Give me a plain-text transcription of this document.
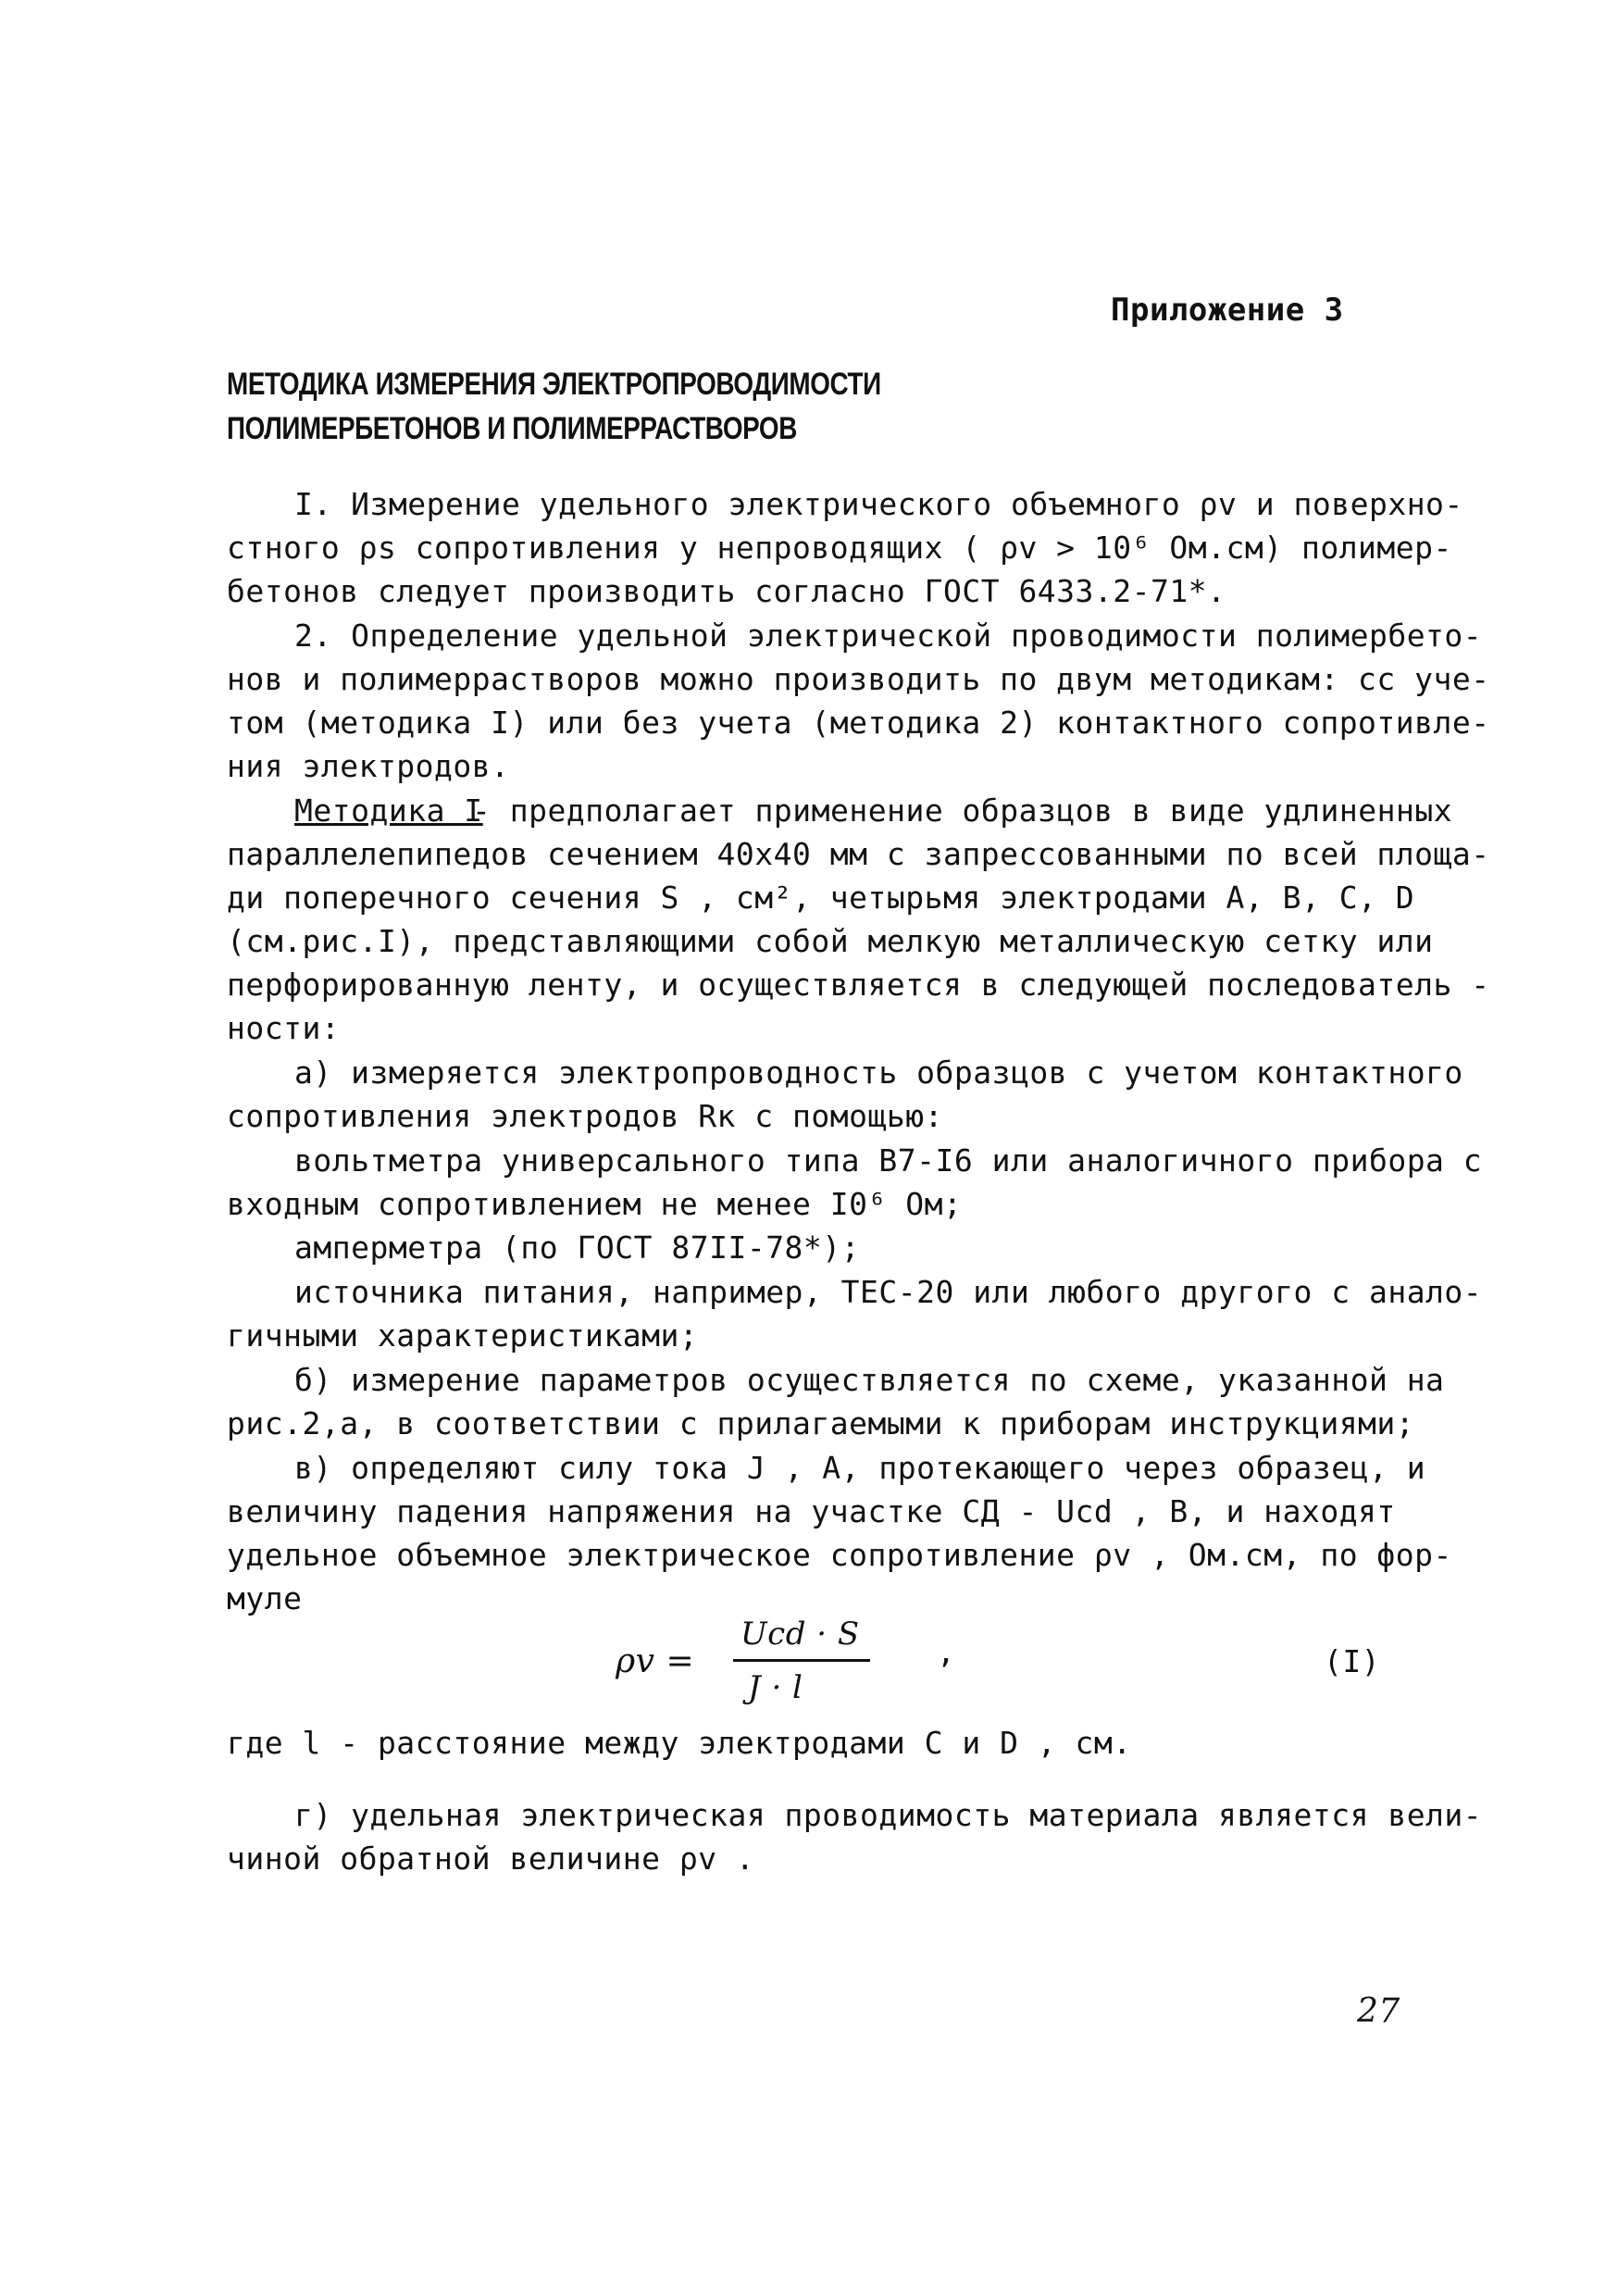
Приложение 3
МЕТОДИКА ИЗМЕРЕНИЯ ЭЛЕКТРОПРОВОДИМОСТИ
ПОЛИМЕРБЕТОНОВ И ПОЛИМЕРРАСТВОРОВ
I. Измерение удельного электрического объемного ρv и поверхно-
стного ρs сопротивления у непроводящих ( ρv > 10⁶ Ом.см) полимер-
бетонов следует производить согласно ГОСТ 6433.2-71*.
2. Определение удельной электрической проводимости полимербето-
нов и полимеррастворов можно производить по двум методикам: сс уче-
том (методика I) или без учета (методика 2) контактного сопротивле-
ния электродов.
Методика I
- предполагает применение образцов в виде удлиненных
параллелепипедов сечением 40х40 мм с запрессованными по всей площа-
ди поперечного сечения S , см², четырьмя электродами А, В, С, D
(см.рис.I), представляющими собой мелкую металлическую сетку или
перфорированную ленту, и осуществляется в следующей последователь -
ности:
а) измеряется электропроводность образцов с учетом контактного
сопротивления электродов Rк с помощью:
вольтметра универсального типа В7-I6 или аналогичного прибора с
входным сопротивлением не менее I0⁶ Ом;
амперметра (по ГОСТ 87II-78*);
источника питания, например, ТЕС-20 или любого другого с анало-
гичными характеристиками;
б) измерение параметров осуществляется по схеме, указанной на
рис.2,а, в соответствии с прилагаемыми к приборам инструкциями;
в) определяют силу тока J , А, протекающего через образец, и
величину падения напряжения на участке СД - Ucd , В, и находят
удельное объемное электрическое сопротивление ρv , Ом.см, по фор-
муле
ρv =
Ucd · S
J · l
,	(I)
где l - расстояние между электродами С и D , см.
г) удельная электрическая проводимость материала является вели-
чиной обратной величине ρv .
27
